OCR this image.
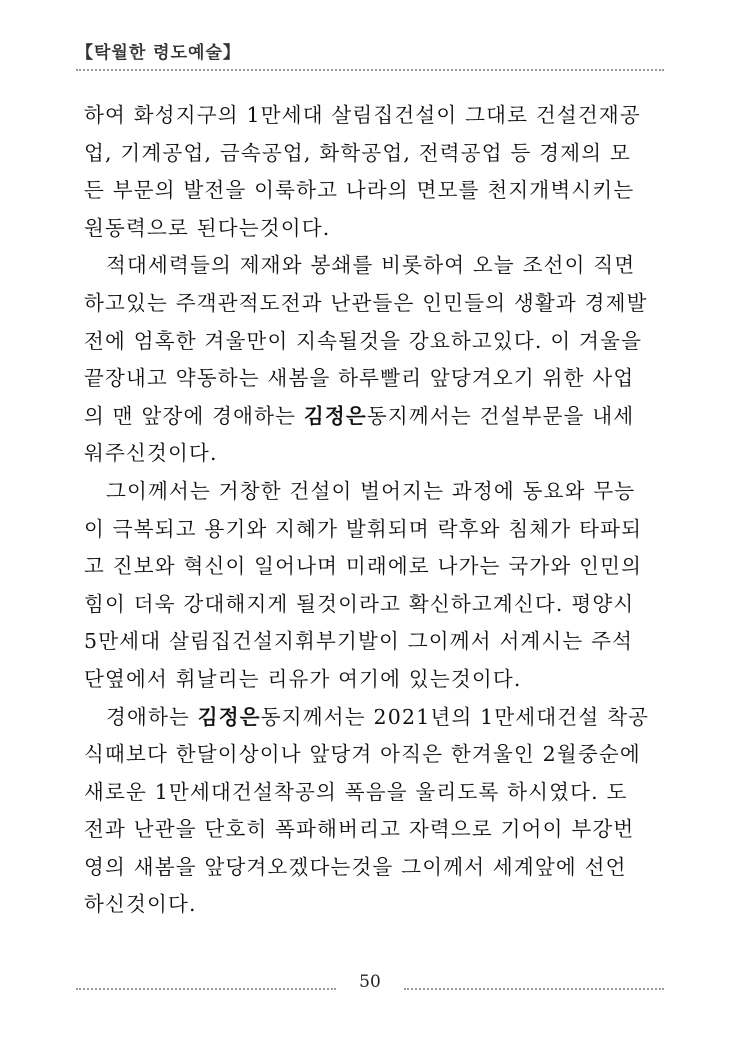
【탁월한 령도예술】
하여 화성지구의 1만세대 살림집건설이 그대로 건설건재공
업, 기계공업, 금속공업, 화학공업, 전력공업 등 경제의 모
든 부문의 발전을 이룩하고 나라의 면모를 천지개벽시키는
원동력으로 된다는것이다.
적대세력들의 제재와 봉쇄를 비롯하여 오늘 조선이 직면
하고있는 주객관적도전과 난관들은 인민들의 생활과 경제발
전에 엄혹한 겨울만이 지속될것을 강요하고있다. 이 겨울을
끝장내고 약동하는 새봄을 하루빨리 앞당겨오기 위한 사업
의 맨 앞장에 경애하는 김정은동지께서는 건설부문을 내세
워주신것이다.
그이께서는 거창한 건설이 벌어지는 과정에 동요와 무능
이 극복되고 용기와 지혜가 발휘되며 락후와 침체가 타파되
고 진보와 혁신이 일어나며 미래에로 나가는 국가와 인민의
힘이 더욱 강대해지게 될것이라고 확신하고계신다. 평양시
5만세대 살림집건설지휘부기발이 그이께서 서계시는 주석
단옆에서 휘날리는 리유가 여기에 있는것이다.
경애하는 김정은동지께서는 2021년의 1만세대건설 착공
식때보다 한달이상이나 앞당겨 아직은 한겨울인 2월중순에
새로운 1만세대건설착공의 폭음을 울리도록 하시였다. 도
전과 난관을 단호히 폭파해버리고 자력으로 기어이 부강번
영의 새봄을 앞당겨오겠다는것을 그이께서 세계앞에 선언
하신것이다.
50
